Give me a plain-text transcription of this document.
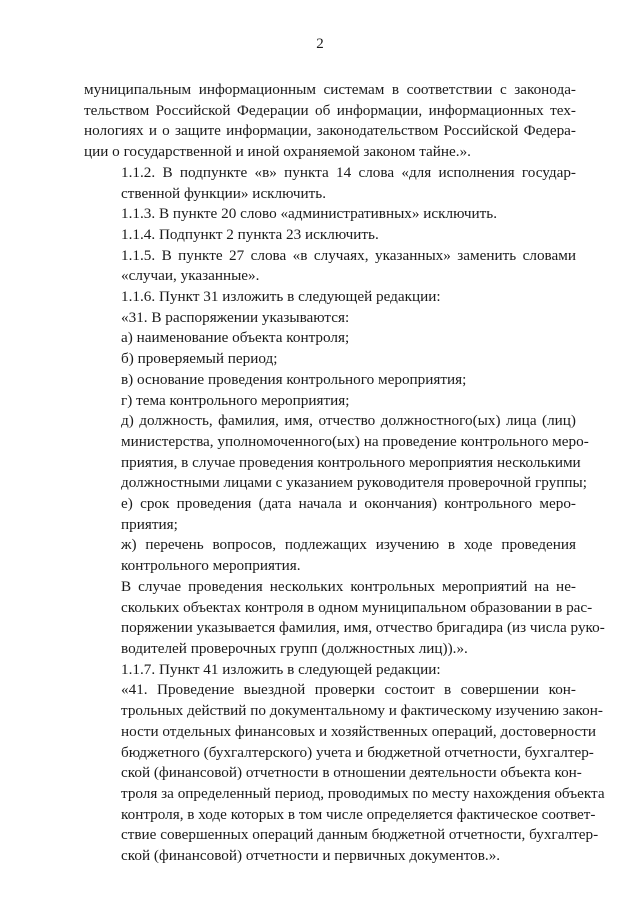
2

муниципальным информационным системам в соответствии с законода-
тельством Российской Федерации об информации, информационных тех-
нологиях и о защите информации, законодательством Российской Федера-
ции о государственной и иной охраняемой законом тайне.».

1.1.2. В подпункте «в» пункта 14 слова «для исполнения государ-
ственной функции» исключить.

1.1.3. В пункте 20 слово «административных» исключить.

1.1.4. Подпункт 2 пункта 23 исключить.

1.1.5. В пункте 27 слова «в случаях, указанных» заменить словами
«случаи, указанные».

1.1.6. Пункт 31 изложить в следующей редакции:

«31. В распоряжении указываются:

а) наименование объекта контроля;

б) проверяемый период;

в) основание проведения контрольного мероприятия;

г) тема контрольного мероприятия;

д) должность, фамилия, имя, отчество должностного(ых) лица (лиц)
министерства, уполномоченного(ых) на проведение контрольного меро-
приятия, в случае проведения контрольного мероприятия несколькими
должностными лицами с указанием руководителя проверочной группы;

е) срок проведения (дата начала и окончания) контрольного меро-
приятия;

ж) перечень вопросов, подлежащих изучению в ходе проведения
контрольного мероприятия.

В случае проведения нескольких контрольных мероприятий на не-
скольких объектах контроля в одном муниципальном образовании в рас-
поряжении указывается фамилия, имя, отчество бригадира (из числа руко-
водителей проверочных групп (должностных лиц)).».

1.1.7. Пункт 41 изложить в следующей редакции:

«41. Проведение выездной проверки состоит в совершении кон-
трольных действий по документальному и фактическому изучению закон-
ности отдельных финансовых и хозяйственных операций, достоверности
бюджетного (бухгалтерского) учета и бюджетной отчетности, бухгалтер-
ской (финансовой) отчетности в отношении деятельности объекта кон-
троля за определенный период, проводимых по месту нахождения объекта
контроля, в ходе которых в том числе определяется фактическое соответ-
ствие совершенных операций данным бюджетной отчетности, бухгалтер-
ской (финансовой) отчетности и первичных документов.».
